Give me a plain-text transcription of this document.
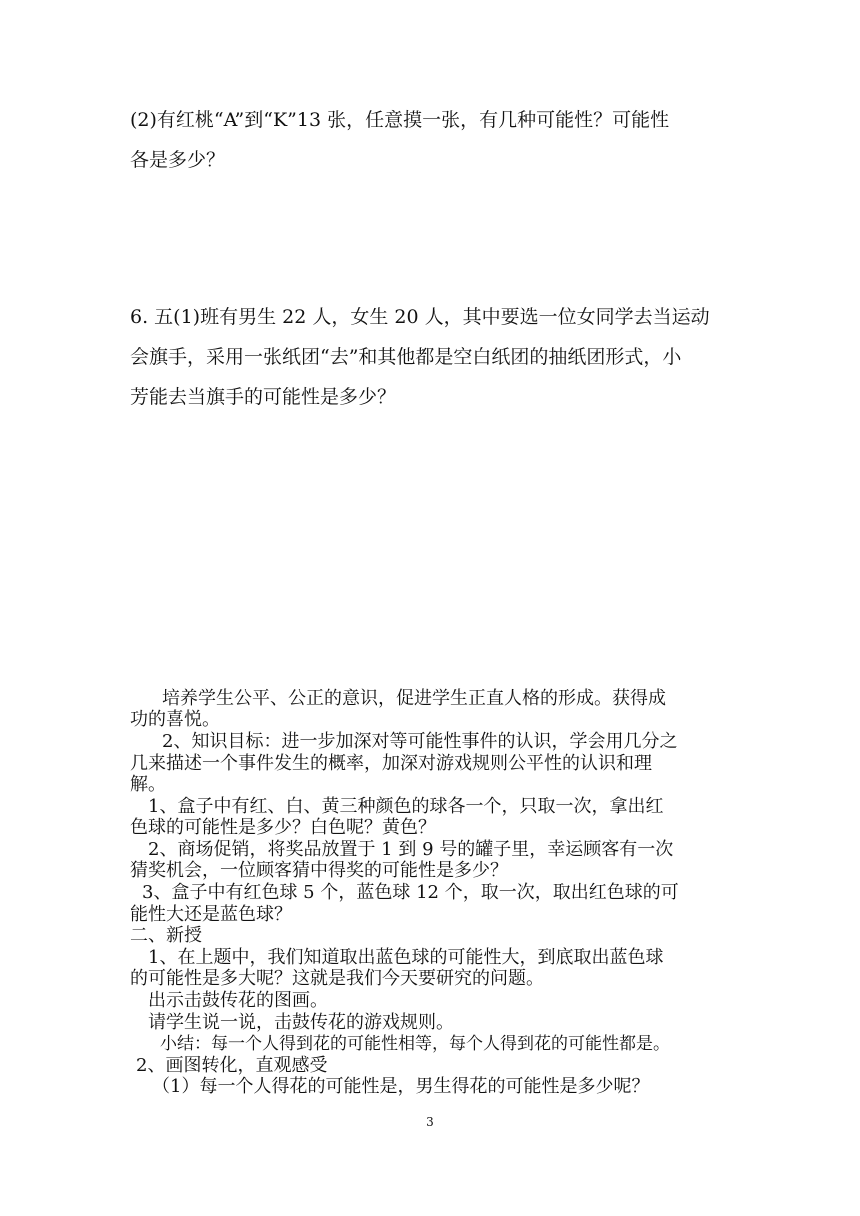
(2)有红桃“A”到“K”13 张，任意摸一张，有几种可能性？可能性

各是多少？

6. 五(1)班有男生 22 人，女生 20 人，其中要选一位女同学去当运动

会旗手，采用一张纸团“去”和其他都是空白纸团的抽纸团形式，小

芳能去当旗手的可能性是多少？

培养学生公平、公正的意识，促进学生正直人格的形成。获得成

功的喜悦。

2、知识目标：进一步加深对等可能性事件的认识，学会用几分之

几来描述一个事件发生的概率，加深对游戏规则公平性的认识和理

解。

1、盒子中有红、白、黄三种颜色的球各一个，只取一次，拿出红

色球的可能性是多少？白色呢？黄色？

2、商场促销，将奖品放置于 1 到 9 号的罐子里，幸运顾客有一次

猜奖机会，一位顾客猜中得奖的可能性是多少？

3、盒子中有红色球 5 个，蓝色球 12 个，取一次，取出红色球的可

能性大还是蓝色球？

二、新授

1、在上题中，我们知道取出蓝色球的可能性大，到底取出蓝色球

的可能性是多大呢？这就是我们今天要研究的问题。

出示击鼓传花的图画。

请学生说一说，击鼓传花的游戏规则。

小结：每一个人得到花的可能性相等，每个人得到花的可能性都是。

2、画图转化，直观感受

（1）每一个人得花的可能性是，男生得花的可能性是多少呢？

3
